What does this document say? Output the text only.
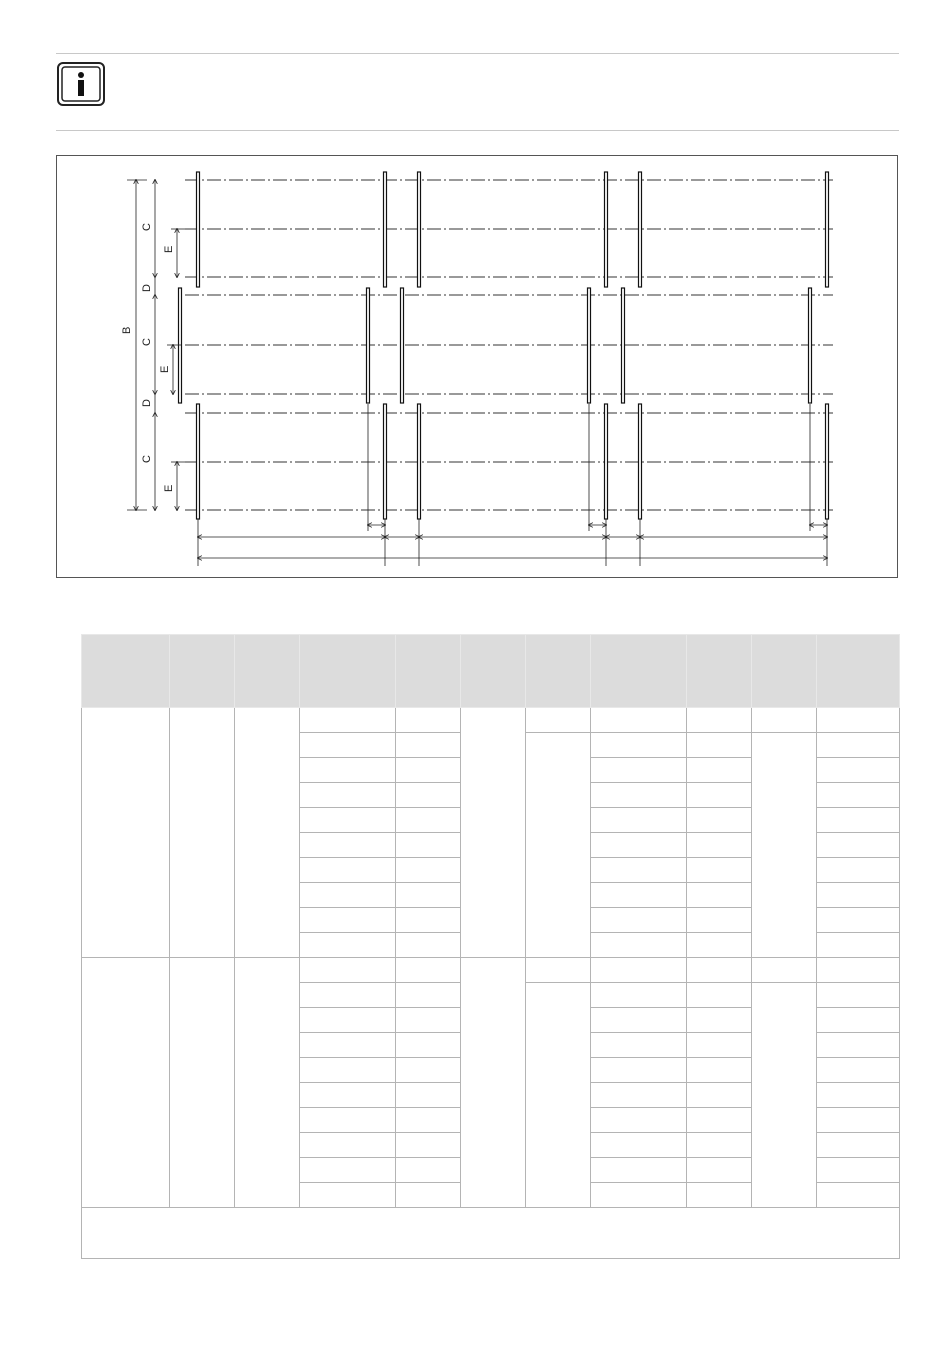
B
C
E
D
C
E
D
C
E
